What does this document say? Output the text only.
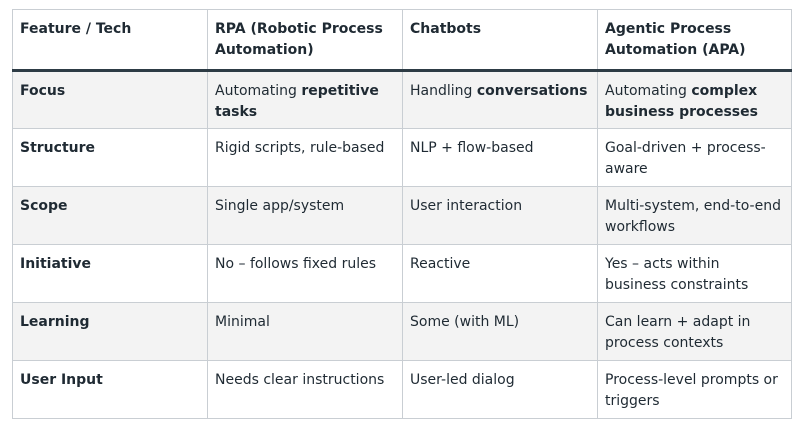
Feature / Tech	RPA (Robotic Process Automation)	Chatbots	Agentic Process Automation (APA)
Focus	Automating repetitive tasks	Handling conversations	Automating complex business processes
Structure	Rigid scripts, rule-based	NLP + flow-based	Goal-driven + process-aware
Scope	Single app/system	User interaction	Multi-system, end-to-end workflows
Initiative	No – follows fixed rules	Reactive	Yes – acts within business constraints
Learning	Minimal	Some (with ML)	Can learn + adapt in process contexts
User Input	Needs clear instructions	User-led dialog	Process-level prompts or triggers
